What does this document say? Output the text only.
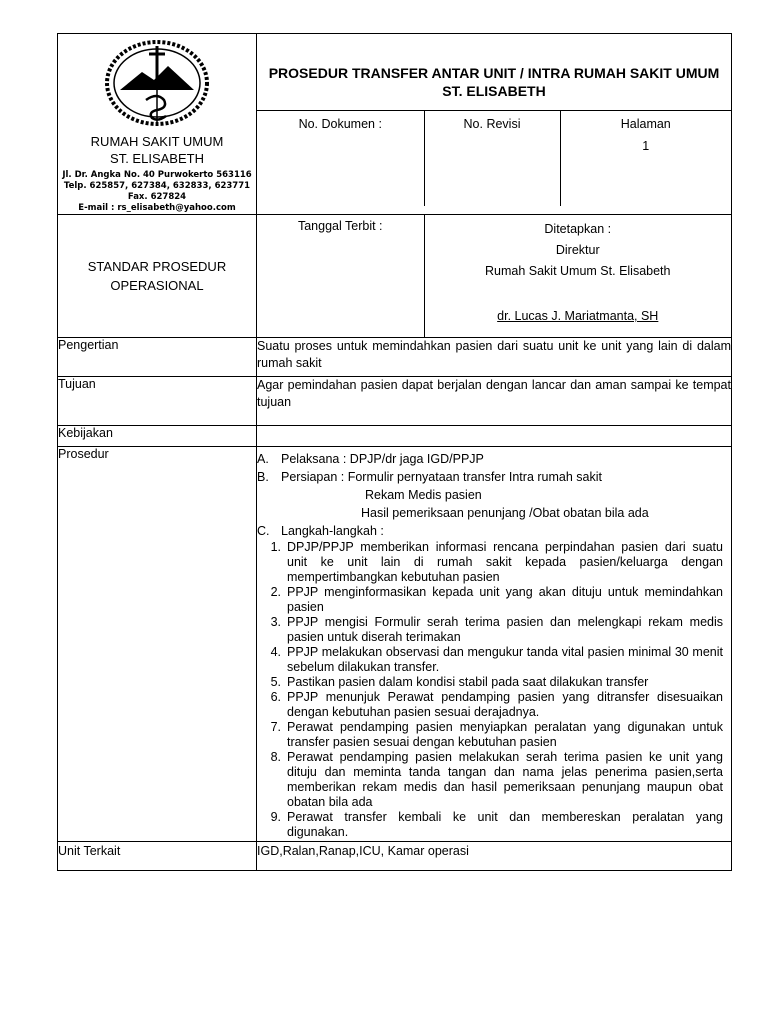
RUMAH SAKIT UMUM
ST. ELISABETH
Jl. Dr. Angka No. 40 Purwokerto 563116
Telp. 625857, 627384, 632833, 623771
Fax. 627824
E-mail : rs_elisabeth@yahoo.com

PROSEDUR TRANSFER ANTAR UNIT / INTRA RUMAH SAKIT UMUM ST. ELISABETH
No. Dokumen :	No. Revisi	Halaman
1

STANDAR PROSEDUR OPERASIONAL

Tanggal Terbit :	Ditetapkan :
Direktur
Rumah Sakit Umum St. Elisabeth
dr. Lucas J. Mariatmanta, SH

Pengertian	Suatu proses untuk memindahkan pasien dari suatu unit ke unit yang lain di dalam rumah sakit
Tujuan	Agar pemindahan pasien dapat berjalan dengan lancar dan aman sampai ke tempat tujuan
Kebijakan	
Prosedur	A. Pelaksana : DPJP/dr jaga IGD/PPJP
B. Persiapan : Formulir pernyataan transfer Intra rumah sakit
Rekam Medis pasien
Hasil pemeriksaan penunjang /Obat obatan bila ada
C. Langkah-langkah :
1. DPJP/PPJP memberikan informasi rencana perpindahan pasien dari suatu unit ke unit lain di rumah sakit kepada pasien/keluarga dengan mempertimbangkan kebutuhan pasien
2. PPJP menginformasikan kepada unit yang akan dituju untuk memindahkan pasien
3. PPJP mengisi Formulir serah terima pasien dan melengkapi rekam medis pasien untuk diserah terimakan
4. PPJP melakukan observasi dan mengukur tanda vital pasien minimal 30 menit sebelum dilakukan transfer.
5. Pastikan pasien dalam kondisi stabil pada saat dilakukan transfer
6. PPJP menunjuk Perawat pendamping pasien yang ditransfer disesuaikan dengan kebutuhan pasien sesuai derajadnya.
7. Perawat pendamping pasien menyiapkan peralatan yang digunakan untuk transfer pasien sesuai dengan kebutuhan pasien
8. Perawat pendamping pasien melakukan serah terima pasien ke unit yang dituju dan meminta tanda tangan dan nama jelas penerima pasien,serta memberikan rekam medis dan hasil pemeriksaan penunjang maupun obat obatan bila ada
9. Perawat transfer kembali ke unit dan membereskan peralatan yang digunakan.

Unit Terkait	IGD,Ralan,Ranap,ICU, Kamar operasi
